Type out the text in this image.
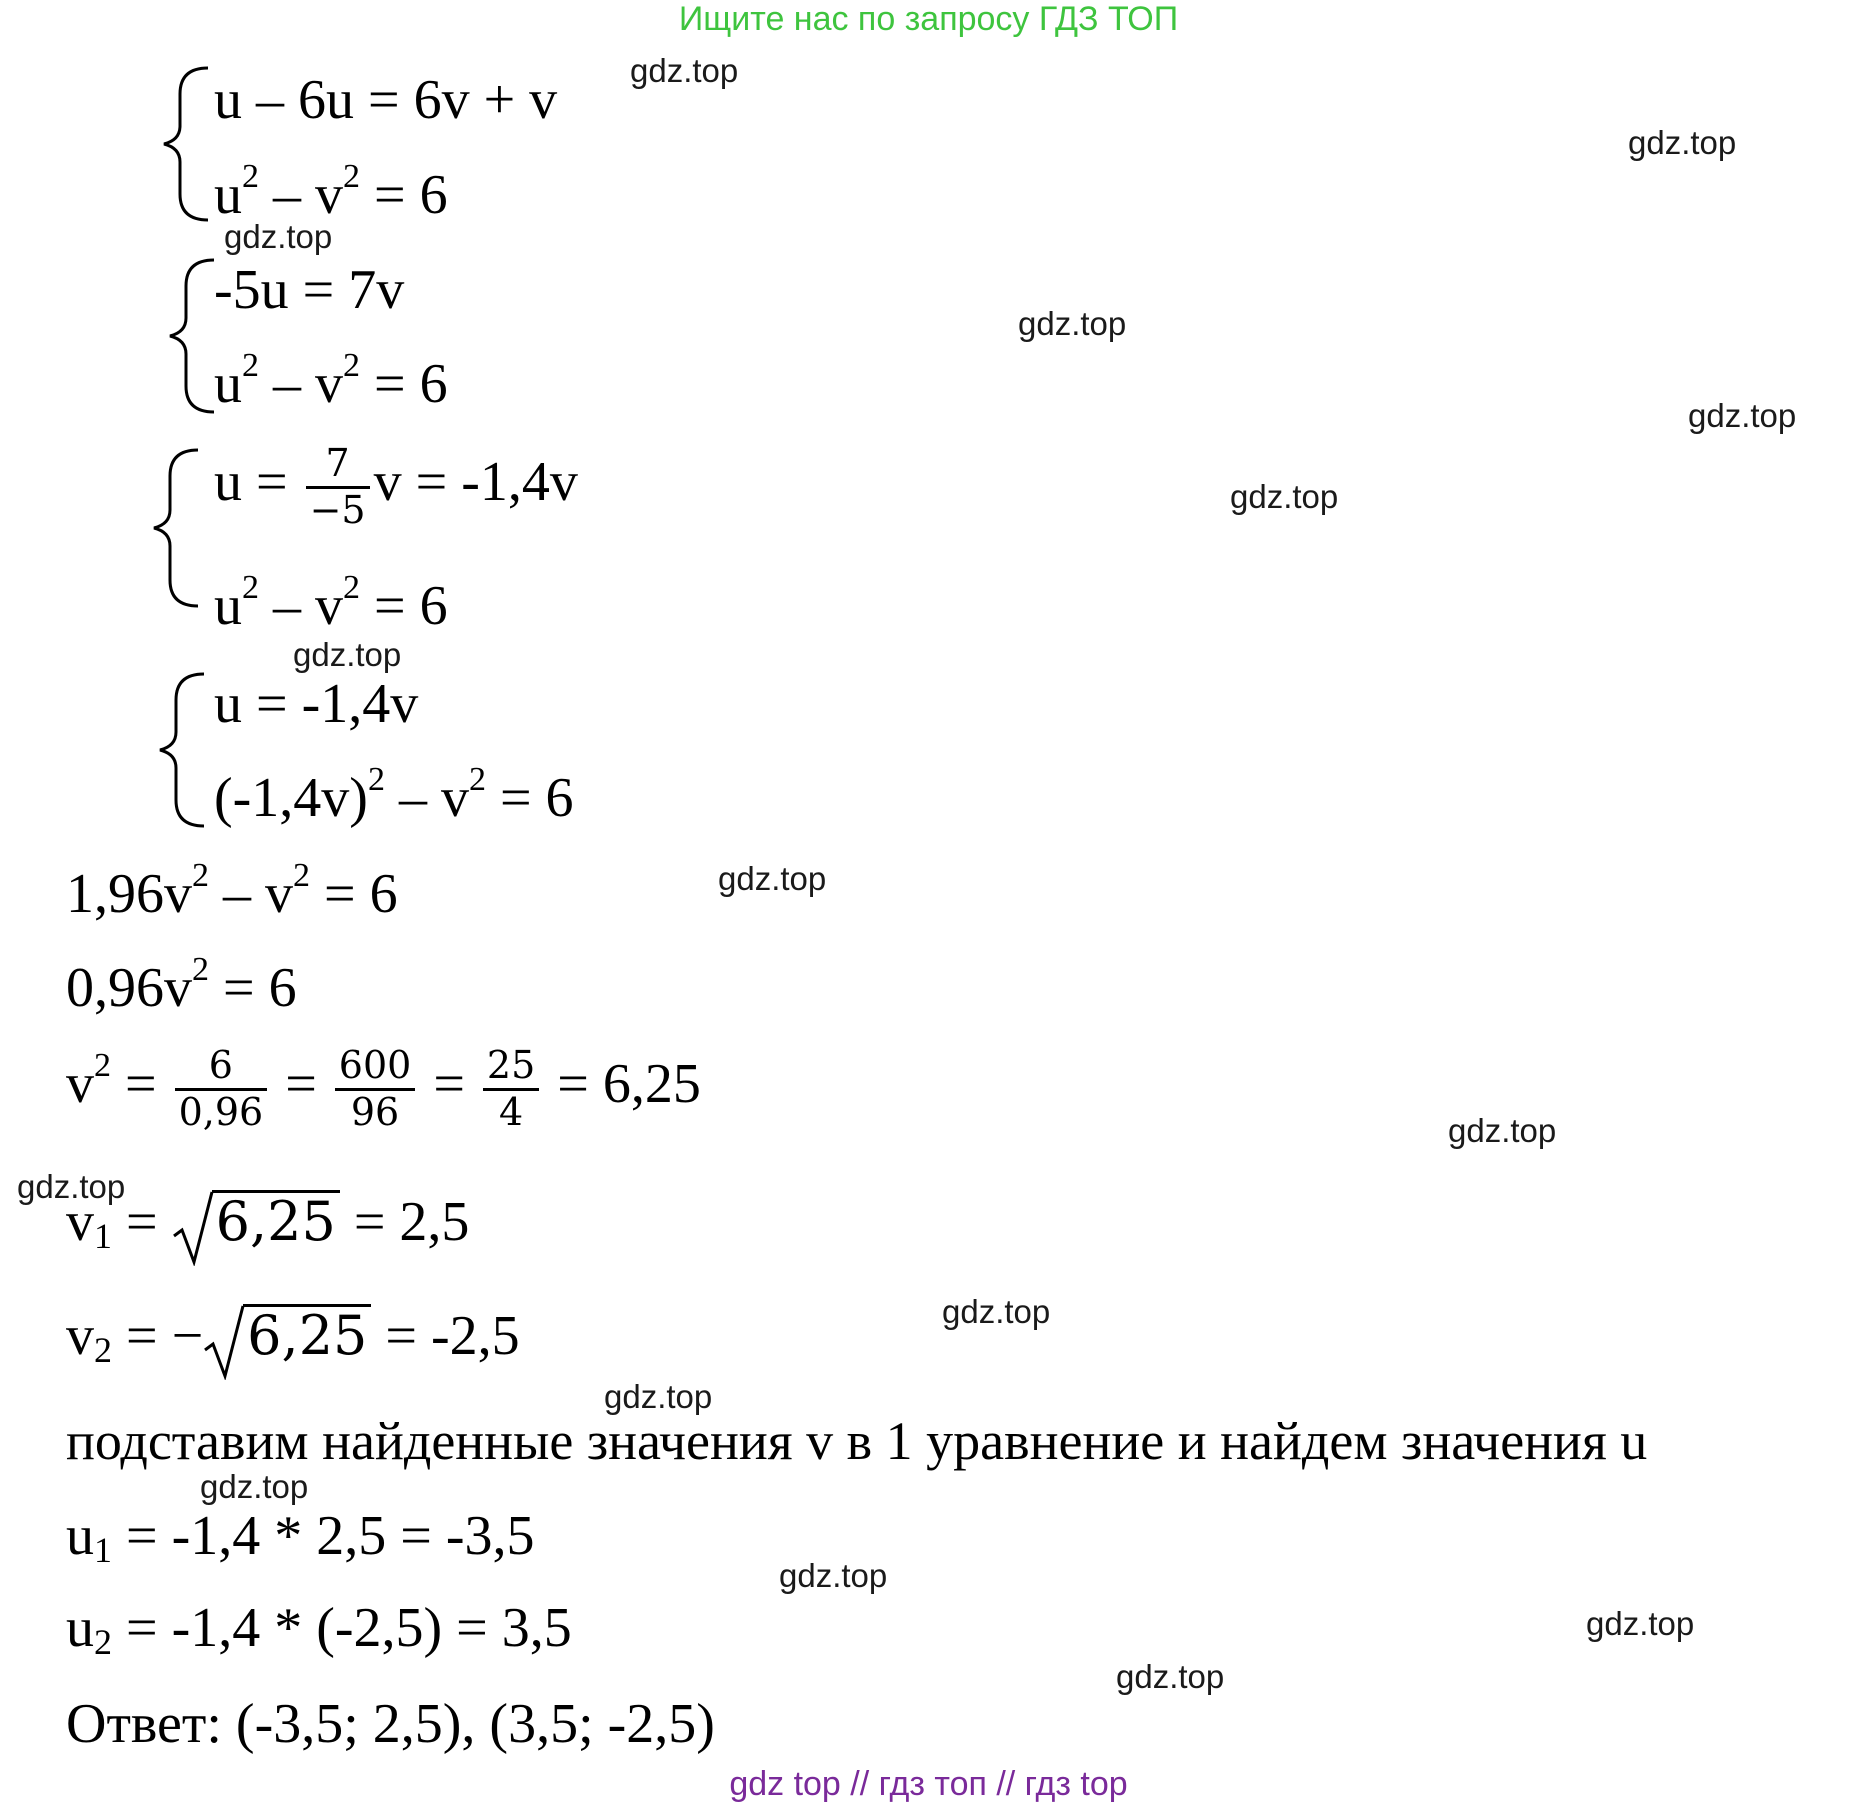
Ищите нас по запросу ГДЗ ТОП
gdz.top
gdz.top
gdz.top
gdz.top
gdz.top
gdz.top
gdz.top
gdz.top
gdz.top
gdz.top
gdz.top
gdz.top
gdz.top
gdz.top
gdz.top
gdz.top
u – 6u = 6v + v
$u^2 - v^2 = 6$
-5u = 7v
$u^2 - v^2 = 6$
$u = \frac{7}{-5}$ v = -1,4v
$u^2 - v^2 = 6$
u = -1,4v
$(-1,4v)^2 - v^2 = 6$
$1,96v^2 - v^2 = 6$
$0,96v^2 = 6$
$v^2 = \frac{6}{0,96} = \frac{600}{96} = \frac{25}{4} = 6,25$
$v_1$ =
6,25 = 2,5
$v_2$ = − 6,25 = -2,5
подставим найденные значения v в 1 уравнение и найдем значения u
$u_1 = -1,4 * 2,5 = -3,5$
$u_2 = -1,4 * (-2,5) = 3,5$
Ответ: (-3,5; 2,5), (3,5; -2,5)
gdz top // гдз топ // гдз top
